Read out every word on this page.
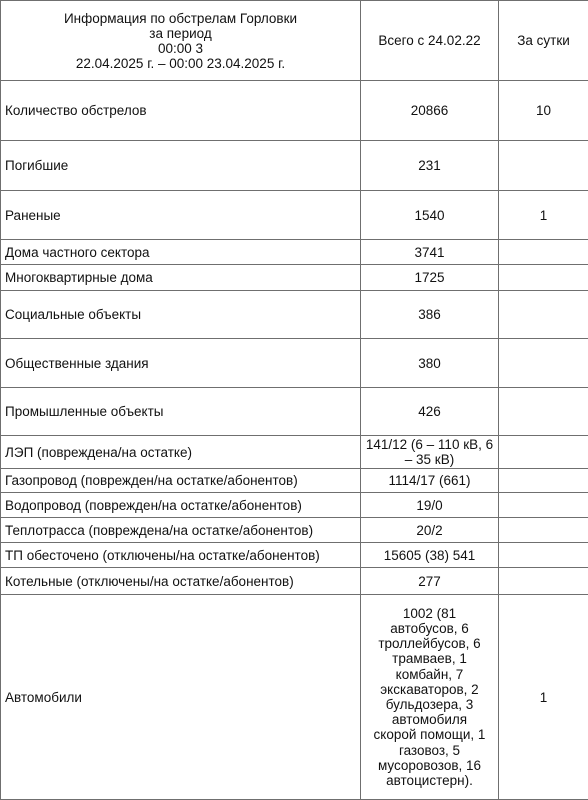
Информация по обстрелам Горловки
за период
00:00 3
22.04.2025 г. – 00:00 23.04.2025 г.	Всего с 24.02.22	За сутки
Количество обстрелов	20866	10
Погибшие	231	
Раненые	1540	1
Дома частного сектора	3741	
Многоквартирные дома	1725	
Социальные объекты	386	
Общественные здания	380	
Промышленные объекты	426	
ЛЭП (повреждена/на остатке)	141/12 (6 – 110 кВ, 6 – 35 кВ)	
Газопровод (поврежден/на остатке/абонентов)	1114/17 (661)	
Водопровод (поврежден/на остатке/абонентов)	19/0	
Теплотрасса (повреждена/на остатке/абонентов)	20/2	
ТП обесточено (отключены/на остатке/абонентов)	15605 (38) 541	
Котельные (отключены/на остатке/абонентов)	277	
Автомобили	1002 (81 автобусов, 6 троллейбусов, 6 трамваев, 1 комбайн, 7 экскаваторов, 2 бульдозера, 3 автомобиля скорой помощи, 1 газовоз, 5 мусоровозов, 16 автоцистерн).	1
